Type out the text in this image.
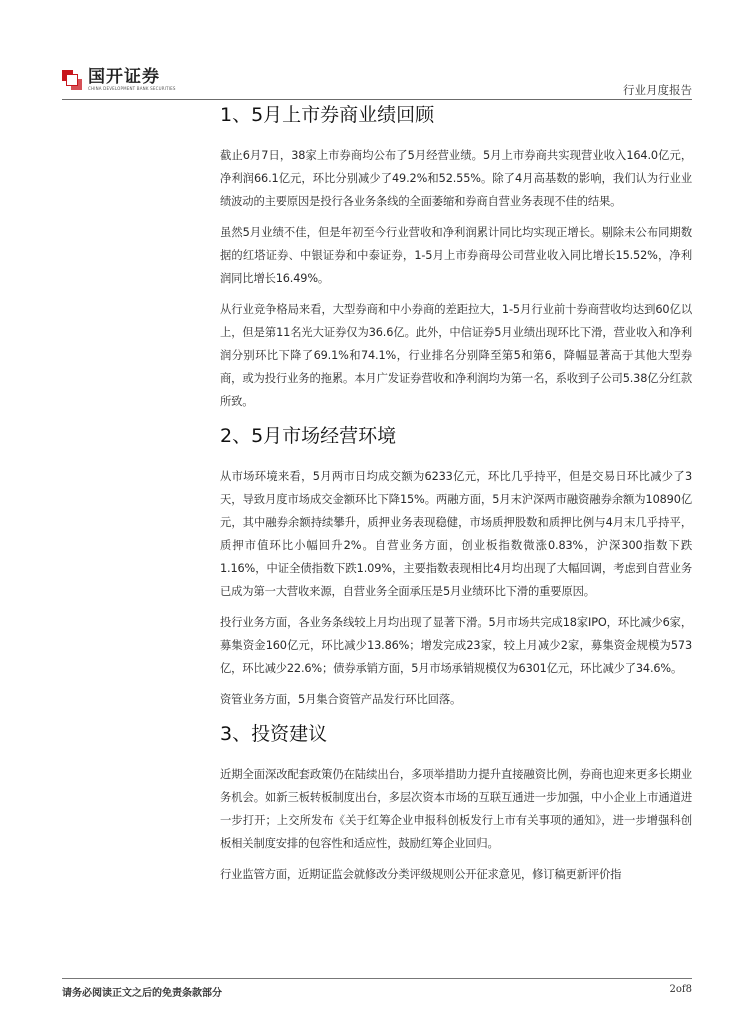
国开证券
CHINA DEVELOPMENT BANK SECURITIES	行业月度报告
1、5月上市券商业绩回顾

截止6月7日，38家上市券商均公布了5月经营业绩。5月上市券商共实现营业收入164.0亿元，净利润66.1亿元，环比分别减少了49.2%和52.55%。除了4月高基数的影响，我们认为行业业绩波动的主要原因是投行各业务条线的全面萎缩和券商自营业务表现不佳的结果。

虽然5月业绩不佳，但是年初至今行业营收和净利润累计同比均实现正增长。剔除未公布同期数据的红塔证券、中银证券和中泰证券，1-5月上市券商母公司营业收入同比增长15.52%，净利润同比增长16.49%。

从行业竞争格局来看，大型券商和中小券商的差距拉大，1-5月行业前十券商营收均达到60亿以上，但是第11名光大证券仅为36.6亿。此外，中信证券5月业绩出现环比下滑，营业收入和净利润分别环比下降了69.1%和74.1%，行业排名分别降至第5和第6，降幅显著高于其他大型券商，或为投行业务的拖累。本月广发证券营收和净利润均为第一名，系收到子公司5.38亿分红款所致。

2、5月市场经营环境

从市场环境来看，5月两市日均成交额为6233亿元，环比几乎持平，但是交易日环比减少了3天，导致月度市场成交金额环比下降15%。两融方面，5月末沪深两市融资融券余额为10890亿元，其中融券余额持续攀升，质押业务表现稳健，市场质押股数和质押比例与4月末几乎持平，质押市值环比小幅回升2%。自营业务方面，创业板指数微涨0.83%，沪深300指数下跌1.16%，中证全债指数下跌1.09%，主要指数表现相比4月均出现了大幅回调，考虑到自营业务已成为第一大营收来源，自营业务全面承压是5月业绩环比下滑的重要原因。

投行业务方面，各业务条线较上月均出现了显著下滑。5月市场共完成18家IPO，环比减少6家，募集资金160亿元，环比减少13.86%；增发完成23家，较上月减少2家，募集资金规模为573亿，环比减少22.6%；债券承销方面，5月市场承销规模仅为6301亿元，环比减少了34.6%。

资管业务方面，5月集合资管产品发行环比回落。

3、投资建议

近期全面深改配套政策仍在陆续出台，多项举措助力提升直接融资比例，券商也迎来更多长期业务机会。如新三板转板制度出台，多层次资本市场的互联互通进一步加强，中小企业上市通道进一步打开；上交所发布《关于红筹企业申报科创板发行上市有关事项的通知》，进一步增强科创板相关制度安排的包容性和适应性，鼓励红筹企业回归。

行业监管方面，近期证监会就修改分类评级规则公开征求意见，修订稿更新评价指

请务必阅读正文之后的免责条款部分	2of8
